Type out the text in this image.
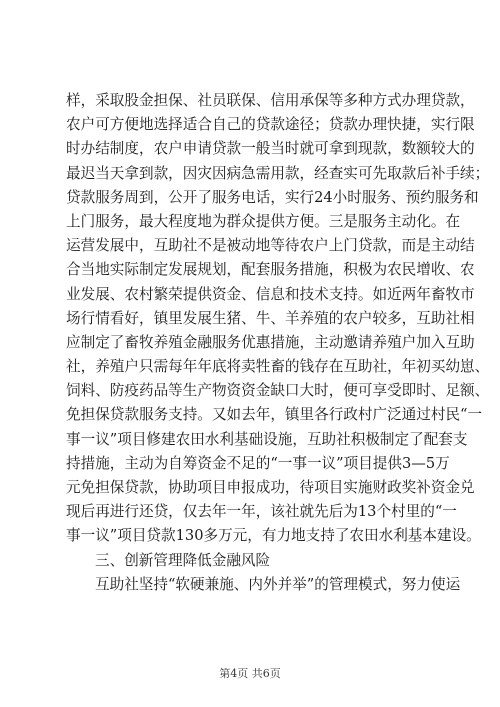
样，采取股金担保、社员联保、信用承保等多种方式办理贷款，
农户可方便地选择适合自己的贷款途径；贷款办理快捷，实行限
时办结制度，农户申请贷款一般当时就可拿到现款，数额较大的
最迟当天拿到款，因灾因病急需用款，经查实可先取款后补手续；
贷款服务周到，公开了服务电话，实行24小时服务、预约服务和
上门服务，最大程度地为群众提供方便。三是服务主动化。在
运营发展中，互助社不是被动地等待农户上门贷款，而是主动结
合当地实际制定发展规划，配套服务措施，积极为农民增收、农
业发展、农村繁荣提供资金、信息和技术支持。如近两年畜牧市
场行情看好，镇里发展生猪、牛、羊养殖的农户较多，互助社相
应制定了畜牧养殖金融服务优惠措施，主动邀请养殖户加入互助
社，养殖户只需每年年底将卖牲畜的钱存在互助社，年初买幼崽、
饲料、防疫药品等生产物资资金缺口大时，便可享受即时、足额、
免担保贷款服务支持。又如去年，镇里各行政村广泛通过村民“一
事一议”项目修建农田水利基础设施，互助社积极制定了配套支
持措施，主动为自筹资金不足的“一事一议”项目提供3—5万
元免担保贷款，协助项目申报成功，待项目实施财政奖补资金兑
现后再进行还贷，仅去年一年，该社就先后为13个村里的“一
事一议”项目贷款130多万元，有力地支持了农田水利基本建设。
三、创新管理降低金融风险
互助社坚持“软硬兼施、内外并举”的管理模式，努力使运
第4页 共6页
